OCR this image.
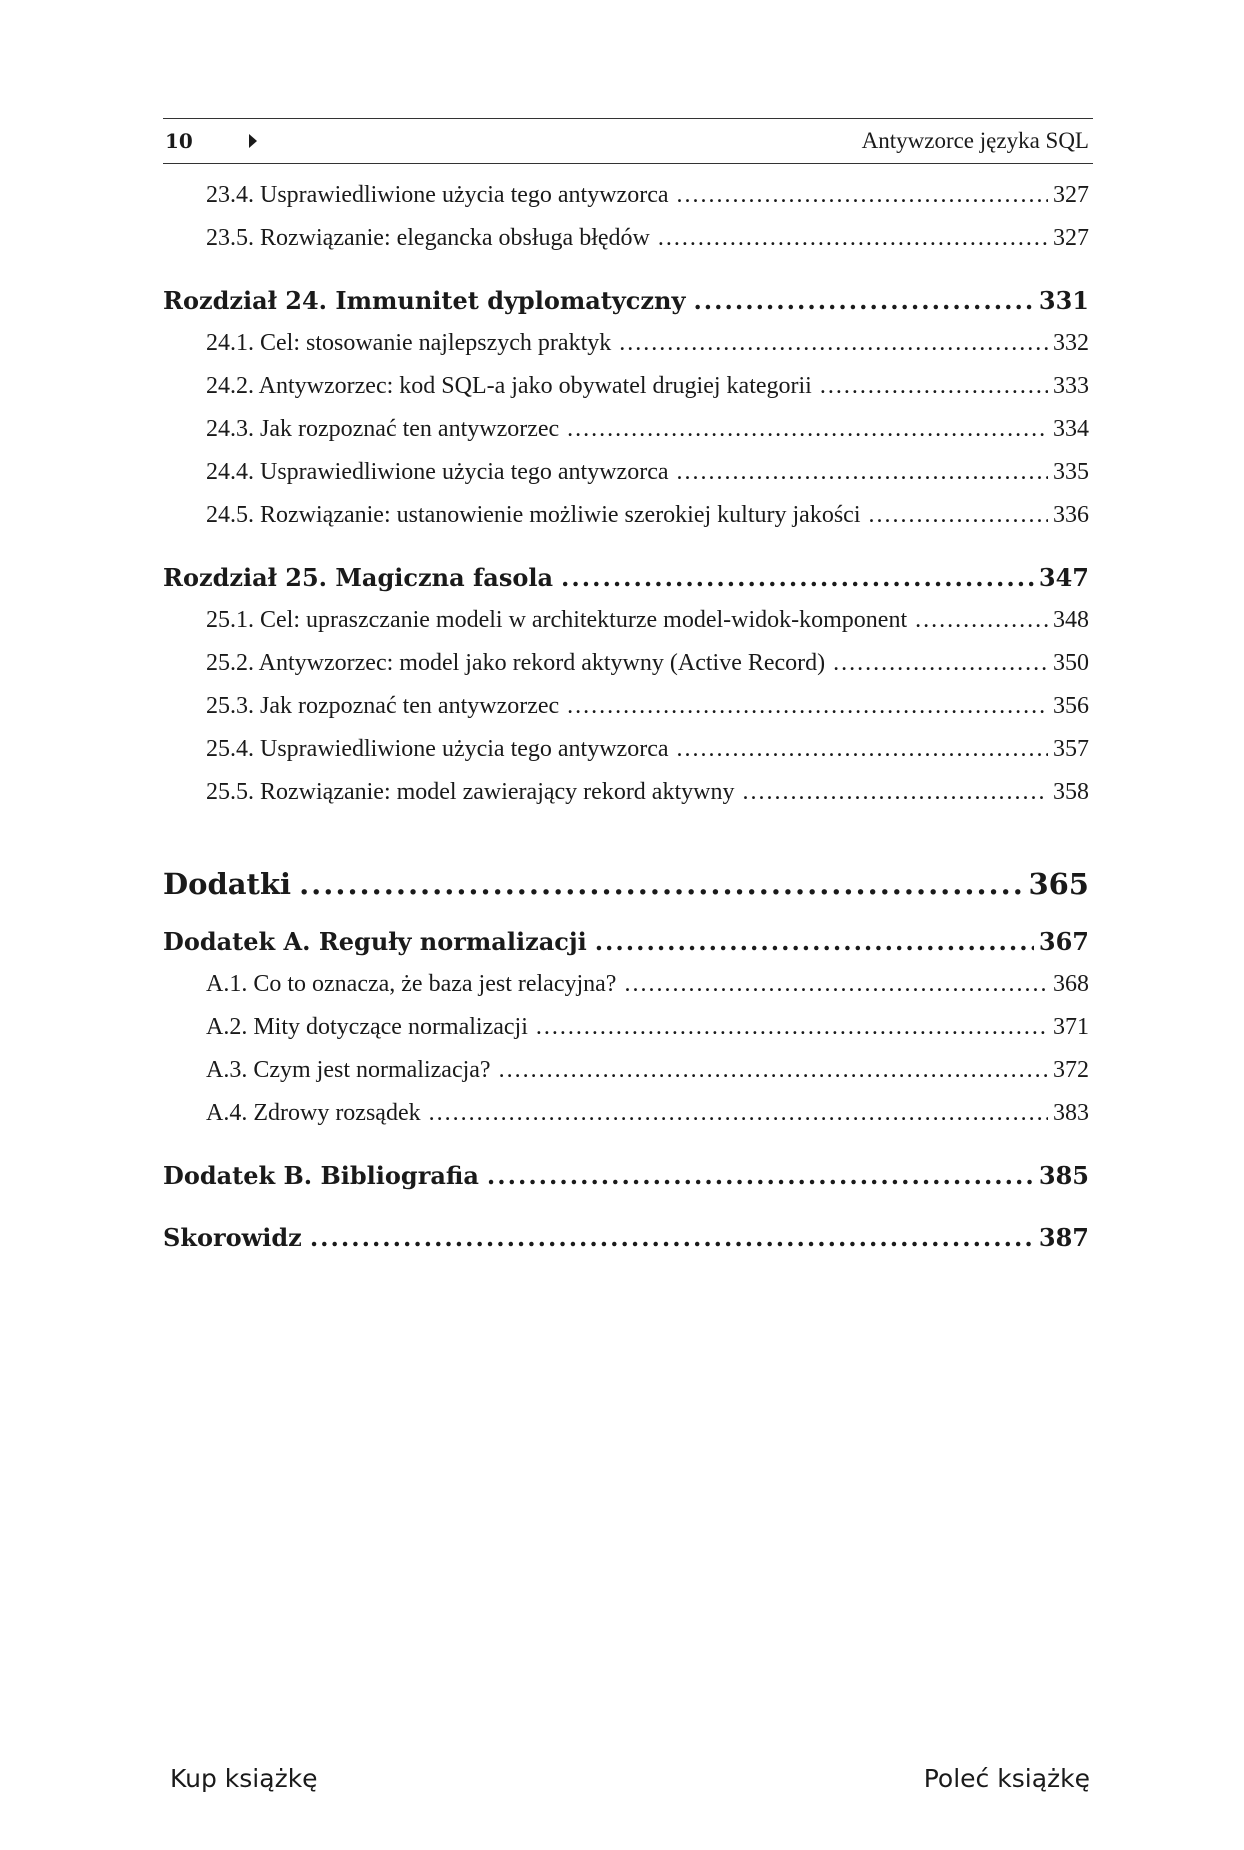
10	Antywzorce języka SQL
23.4. Usprawiedliwione użycia tego antywzorca .....	327
23.5. Rozwiązanie: elegancka obsługa błędów .....	327
Rozdział 24. Immunitet dyplomatyczny .....	331
24.1. Cel: stosowanie najlepszych praktyk .....	332
24.2. Antywzorzec: kod SQL-a jako obywatel drugiej kategorii .....	333
24.3. Jak rozpoznać ten antywzorzec .....	334
24.4. Usprawiedliwione użycia tego antywzorca .....	335
24.5. Rozwiązanie: ustanowienie możliwie szerokiej kultury jakości .....	336
Rozdział 25. Magiczna fasola .....	347
25.1. Cel: upraszczanie modeli w architekturze model-widok-komponent .....	348
25.2. Antywzorzec: model jako rekord aktywny (Active Record) .....	350
25.3. Jak rozpoznać ten antywzorzec .....	356
25.4. Usprawiedliwione użycia tego antywzorca .....	357
25.5. Rozwiązanie: model zawierający rekord aktywny .....	358
Dodatki .....	365
Dodatek A. Reguły normalizacji .....	367
A.1. Co to oznacza, że baza jest relacyjna? .....	368
A.2. Mity dotyczące normalizacji .....	371
A.3. Czym jest normalizacja? .....	372
A.4. Zdrowy rozsądek .....	383
Dodatek B. Bibliografia .....	385
Skorowidz .....	387
Kup książkę	Poleć książkę
